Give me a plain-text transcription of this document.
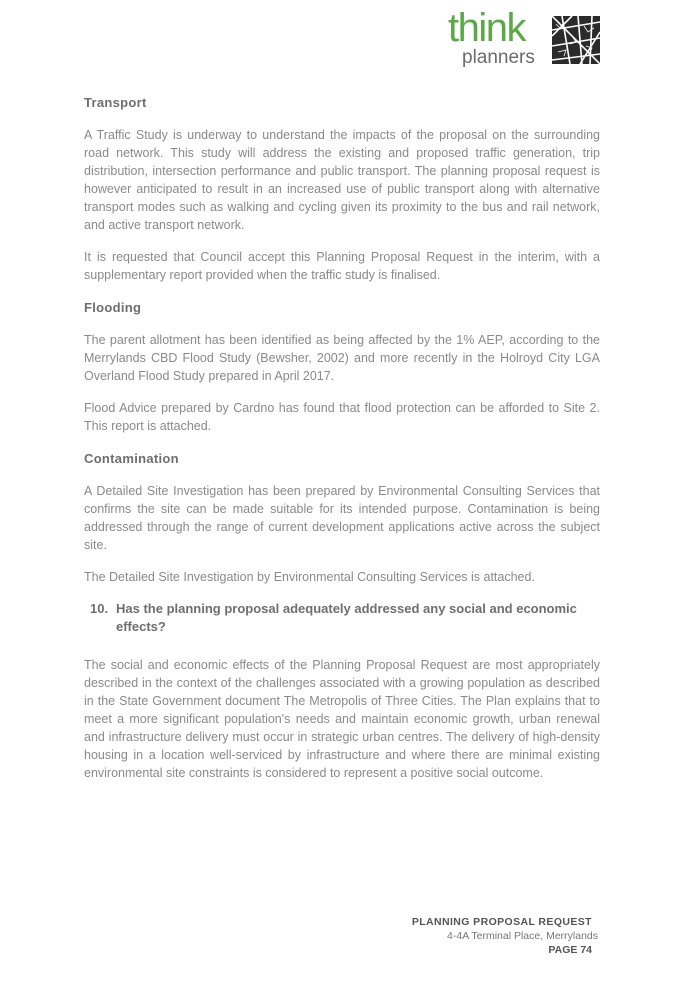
think
planners
Transport

A Traffic Study is underway to understand the impacts of the proposal on the surrounding road network. This study will address the existing and proposed traffic generation, trip distribution, intersection performance and public transport. The planning proposal request is however anticipated to result in an increased use of public transport along with alternative transport modes such as walking and cycling given its proximity to the bus and rail network, and active transport network.

It is requested that Council accept this Planning Proposal Request in the interim, with a supplementary report provided when the traffic study is finalised.

Flooding

The parent allotment has been identified as being affected by the 1% AEP, according to the Merrylands CBD Flood Study (Bewsher, 2002) and more recently in the Holroyd City LGA Overland Flood Study prepared in April 2017.

Flood Advice prepared by Cardno has found that flood protection can be afforded to Site 2. This report is attached.

Contamination

A Detailed Site Investigation has been prepared by Environmental Consulting Services that confirms the site can be made suitable for its intended purpose. Contamination is being addressed through the range of current development applications active across the subject site.

The Detailed Site Investigation by Environmental Consulting Services is attached.

10. Has the planning proposal adequately addressed any social and economic effects?

The social and economic effects of the Planning Proposal Request are most appropriately described in the context of the challenges associated with a growing population as described in the State Government document The Metropolis of Three Cities. The Plan explains that to meet a more significant population's needs and maintain economic growth, urban renewal and infrastructure delivery must occur in strategic urban centres. The delivery of high-density housing in a location well-serviced by infrastructure and where there are minimal existing environmental site constraints is considered to represent a positive social outcome.

PLANNING PROPOSAL REQUEST
4-4A Terminal Place, Merrylands
PAGE 74
